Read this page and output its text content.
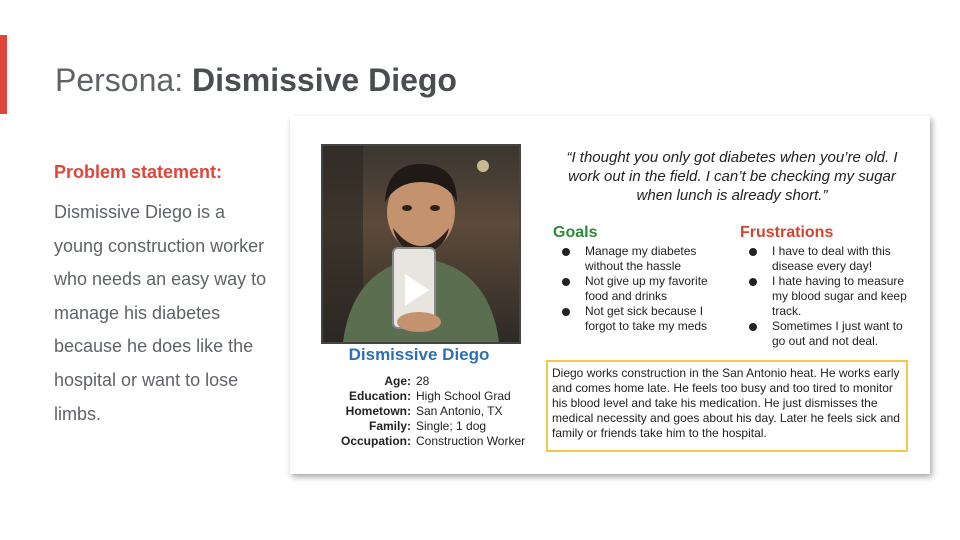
Persona: Dismissive Diego
Problem statement:
Dismissive Diego is a young construction worker who needs an easy way to manage his diabetes because he does like the hospital or want to lose limbs.
Dismissive Diego
Age: 28
Education: High School Grad
Hometown: San Antonio, TX
Family: Single; 1 dog
Occupation: Construction Worker
“I thought you only got diabetes when you’re old. I work out in the field. I can’t be checking my sugar when lunch is already short.”
Goals
Manage my diabetes without the hassle
Not give up my favorite food and drinks
Not get sick because I forgot to take my meds
Frustrations
I have to deal with this disease every day!
I hate having to measure my blood sugar and keep track.
Sometimes I just want to go out and not deal.
Diego works construction in the San Antonio heat. He works early and comes home late. He feels too busy and too tired to monitor his blood level and take his medication. He just dismisses the medical necessity and goes about his day. Later he feels sick and family or friends take him to the hospital.
